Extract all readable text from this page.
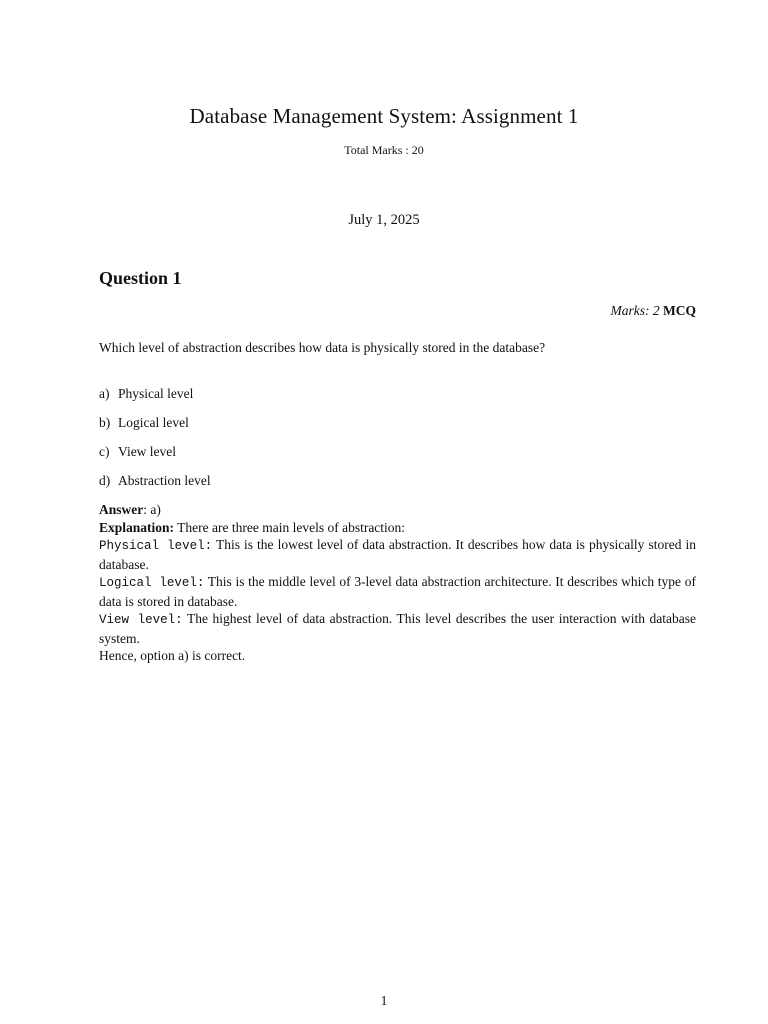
Database Management System: Assignment 1
Total Marks : 20
July 1, 2025
Question 1
Marks: 2 MCQ
Which level of abstraction describes how data is physically stored in the database?
a) Physical level
b) Logical level
c) View level
d) Abstraction level

Answer: a)

Explanation: There are three main levels of abstraction:

Physical level: This is the lowest level of data abstraction. It describes how data is physically stored in database.

Logical level: This is the middle level of 3-level data abstraction architecture. It describes which type of data is stored in database.

View level: The highest level of data abstraction. This level describes the user interaction with database system.

Hence, option a) is correct.

1
